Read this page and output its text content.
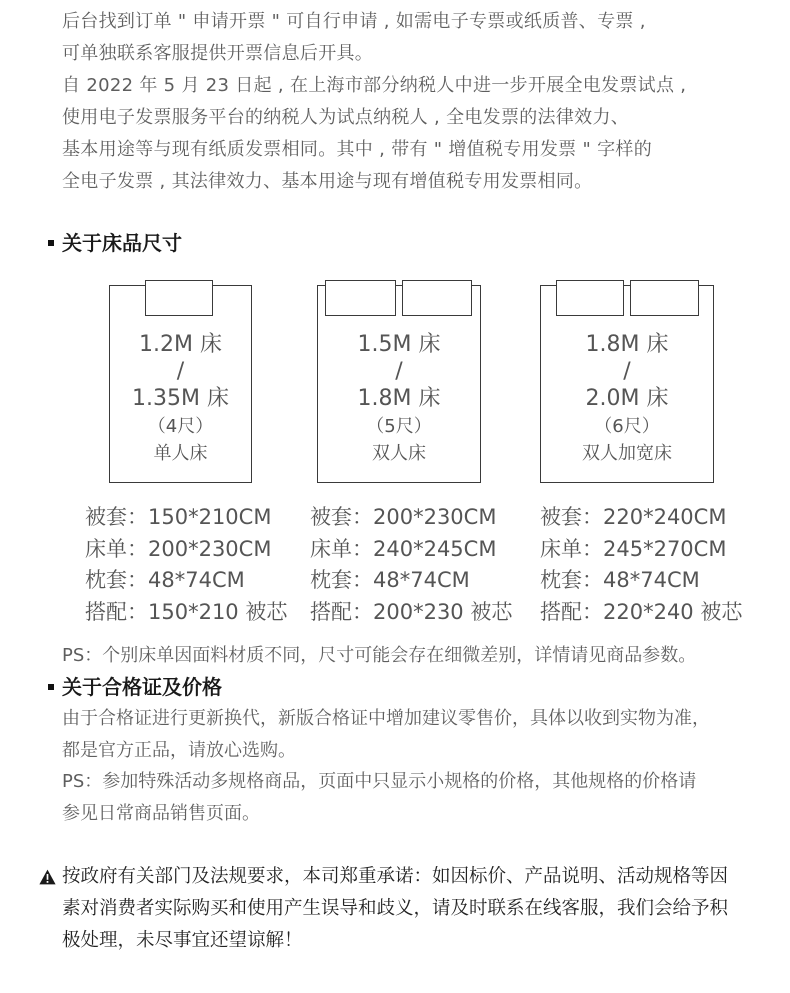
后台找到订单 " 申请开票 " 可自行申请 , 如需电子专票或纸质普、专票 ,

可单独联系客服提供开票信息后开具。

自 2022 年 5 月 23 日起 , 在上海市部分纳税人中进一步开展全电发票试点 ,

使用电子发票服务平台的纳税人为试点纳税人 , 全电发票的法律效力、

基本用途等与现有纸质发票相同。其中 , 带有 " 增值税专用发票 " 字样的

全电子发票 , 其法律效力、基本用途与现有增值税专用发票相同。

关于床品尺寸
1.2M 床
/
1.35M 床
（4尺）
单人床
1.5M 床
/
1.8M 床
（5尺）
双人床
1.8M 床
/
2.0M 床
（6尺）
双人加宽床
被套：150*210CM
床单：200*230CM
枕套：48*74CM
搭配：150*210 被芯
被套：200*230CM
床单：240*245CM
枕套：48*74CM
搭配：200*230 被芯
被套：220*240CM
床单：245*270CM
枕套：48*74CM
搭配：220*240 被芯

PS：个别床单因面料材质不同，尺寸可能会存在细微差别，详情请见商品参数。

关于合格证及价格

由于合格证进行更新换代，新版合格证中增加建议零售价，具体以收到实物为准，

都是官方正品，请放心选购。

PS：参加特殊活动多规格商品，页面中只显示小规格的价格，其他规格的价格请

参见日常商品销售页面。

按政府有关部门及法规要求，本司郑重承诺：如因标价、产品说明、活动规格等因

素对消费者实际购买和使用产生误导和歧义，请及时联系在线客服，我们会给予积

极处理，未尽事宜还望谅解！
